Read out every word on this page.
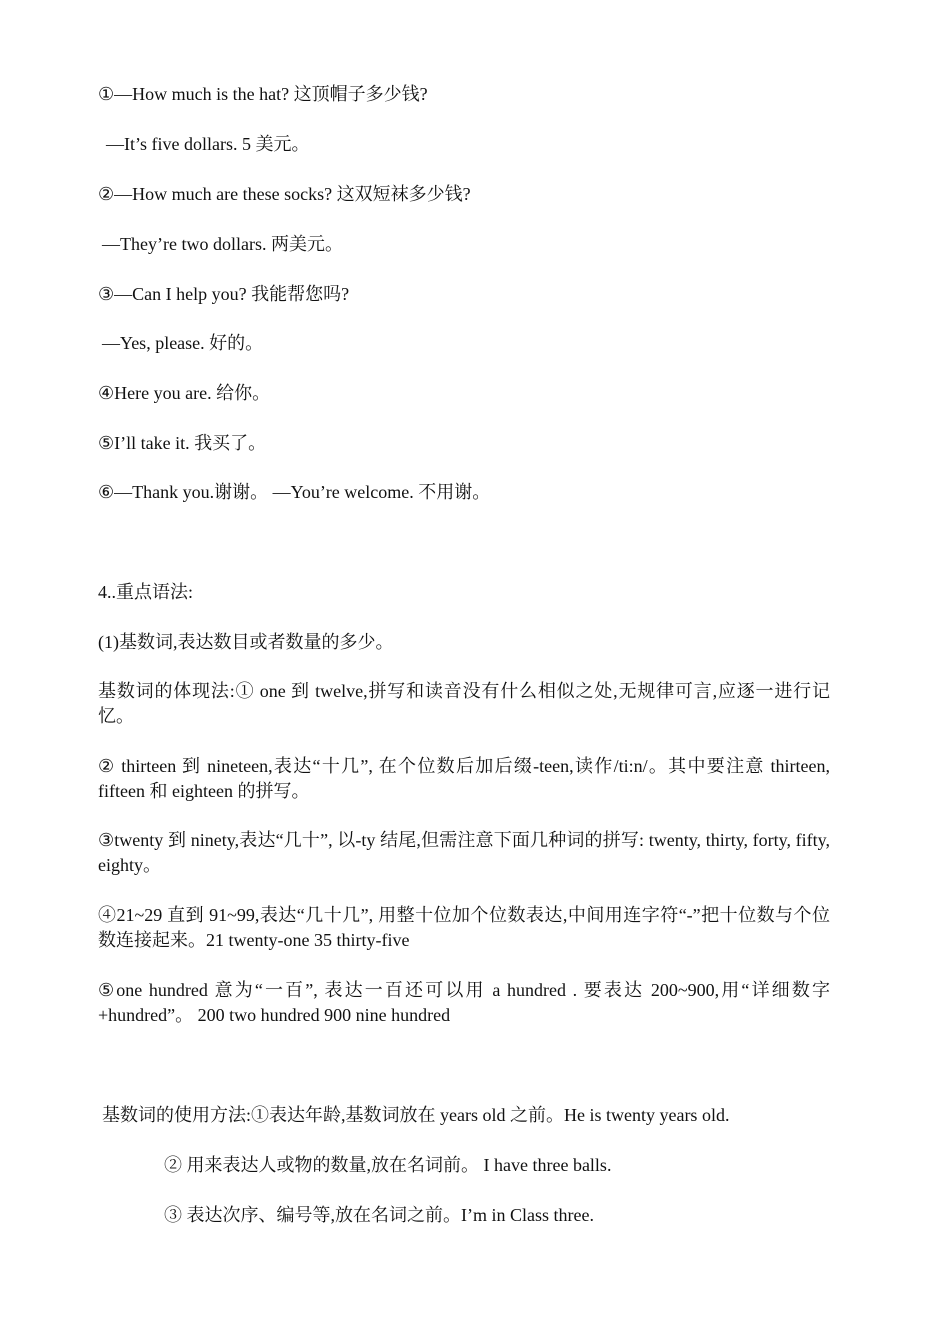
①—How much is the hat? 这顶帽子多少钱?
—It’s five dollars. 5 美元。
②—How much are these socks? 这双短袜多少钱?
—They’re two dollars. 两美元。
③—Can I help you? 我能帮您吗?
—Yes, please. 好的。
④Here you are. 给你。
⑤I’ll take it. 我买了。
⑥—Thank you.谢谢。 —You’re welcome. 不用谢。
4..重点语法:
(1)基数词,表达数目或者数量的多少。
基数词的体现法:① one 到 twelve,拼写和读音没有什么相似之处,无规律可言,应逐一进行记忆。
② thirteen 到 nineteen,表达“十几”, 在个位数后加后缀-teen,读作/ti:n/。其中要注意 thirteen, fifteen 和 eighteen 的拼写。
③twenty 到 ninety,表达“几十”, 以-ty 结尾,但需注意下面几种词的拼写: twenty, thirty, forty, fifty, eighty。
④21~29 直到 91~99,表达“几十几”, 用整十位加个位数表达,中间用连字符“-”把十位数与个位数连接起来。21 twenty-one 35 thirty-five
⑤one hundred 意为“一百”, 表达一百还可以用 a hundred . 要表达 200~900,用“详细数字+hundred”。 200 two hundred 900 nine hundred
基数词的使用方法:①表达年龄,基数词放在 years old 之前。He is twenty years old.
② 用来表达人或物的数量,放在名词前。 I have three balls.
③ 表达次序、编号等,放在名词之前。I’m in Class three.
